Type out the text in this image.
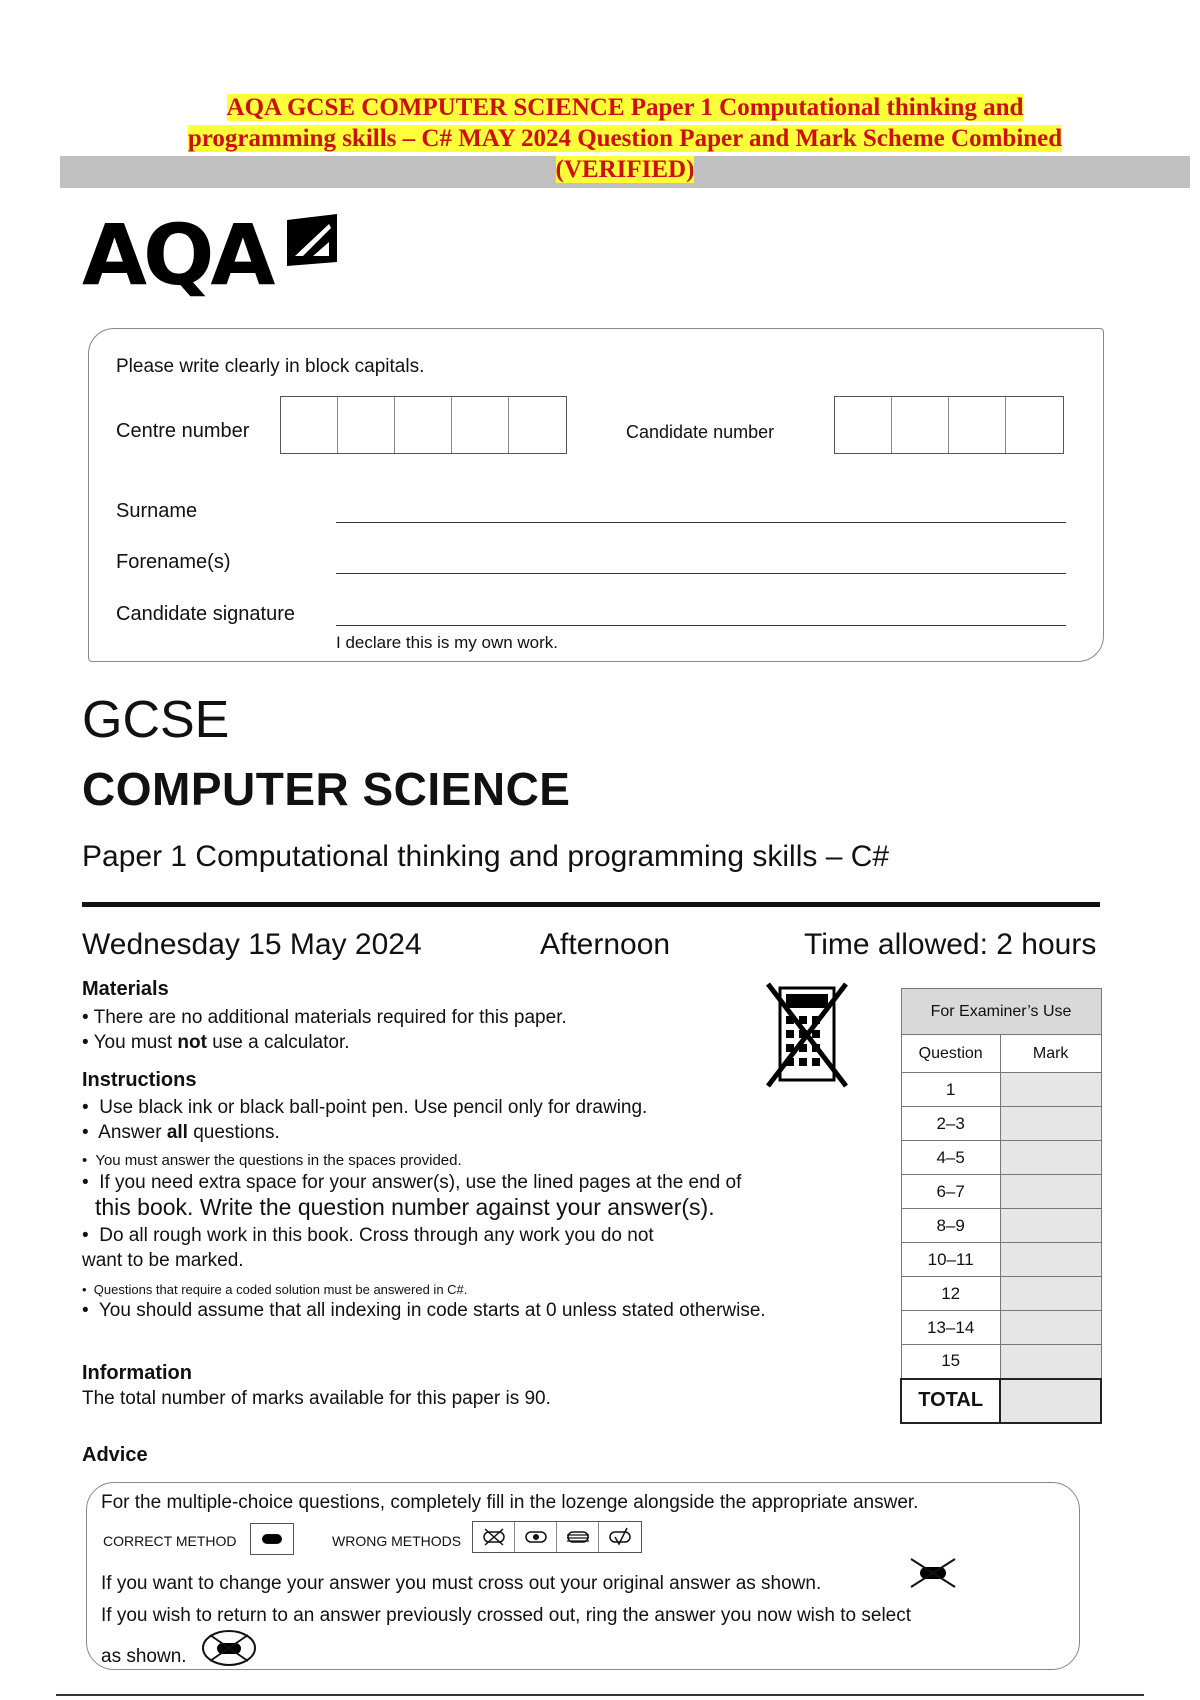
AQA GCSE COMPUTER SCIENCE Paper 1 Computational thinking and
programming skills – C# MAY 2024 Question Paper and Mark Scheme Combined
(VERIFIED)
AQA
Please write clearly in block capitals.
Centre number	Candidate number
Surname
Forename(s)
Candidate signature
I declare this is my own work.
GCSE
COMPUTER SCIENCE
Paper 1 Computational thinking and programming skills – C#
Wednesday 15 May 2024	Afternoon	Time allowed: 2 hours
Materials
• There are no additional materials required for this paper.
• You must not use a calculator.
Instructions
•  Use black ink or black ball-point pen. Use pencil only for drawing.
•  Answer all questions.
•  You must answer the questions in the spaces provided.
•  If you need extra space for your answer(s), use the lined pages at the end of
this book. Write the question number against your answer(s).
•  Do all rough work in this book. Cross through any work you do not
want to be marked.
•  Questions that require a coded solution must be answered in C#.
•  You should assume that all indexing in code starts at 0 unless stated otherwise.
Information
The total number of marks available for this paper is 90.
For Examiner’s Use	
Question	Mark
1	
2–3	
4–5	
6–7	
8–9	
10–11	
12	
13–14	
15	
TOTAL	
Advice
For the multiple-choice questions, completely fill in the lozenge alongside the appropriate answer.
CORRECT METHOD	WRONG METHODS
If you want to change your answer you must cross out your original answer as shown.
If you wish to return to an answer previously crossed out, ring the answer you now wish to select
as shown.
